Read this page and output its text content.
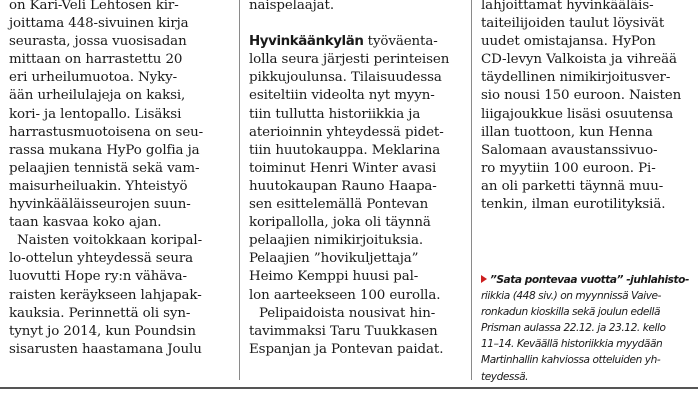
on Kari-Veli Lehtosen kir-
joittama 448-sivuinen kirja
seurasta, jossa vuosisadan
mittaan on harrastettu 20
eri urheilumuotoa. Nyky-
ään urheilulajeja on kaksi,
kori- ja lentopallo. Lisäksi
harrastusmuotoisena on seu-
rassa mukana HyPo golfia ja
pelaajien tennistä sekä vam-
maisurheiluakin. Yhteistyö
hyvinkääläisseurojen suun-
taan kasvaa koko ajan.
Naisten voitokkaan koripal-
lo-ottelun yhteydessä seura
luovutti Hope ry:n vähäva-
raisten keräykseen lahjapak-
kauksia. Perinnettä oli syn-
tynyt jo 2014, kun Poundsin
sisarusten haastamana Joulu
naispelaajat.
Hyvinkäänkylän työväenta-
lolla seura järjesti perinteisen
pikkujoulunsa. Tilaisuudessa
esiteltiin videolta nyt myyn-
tiin tullutta historiikkia ja
aterioinnin yhteydessä pidet-
tiin huutokauppa. Meklarina
toiminut Henri Winter avasi
huutokaupan Rauno Haapa-
sen esittelemällä Pontevan
koripallolla, joka oli täynnä
pelaajien nimikirjoituksia.
Pelaajien ”hovikuljettaja”
Heimo Kemppi huusi pal-
lon aarteekseen 100 eurolla.
Pelipaidoista nousivat hin-
tavimmaksi Taru Tuukkasen
Espanjan ja Pontevan paidat.
lahjoittamat hyvinkääläis-
taiteilijoiden taulut löysivät
uudet omistajansa. HyPon
CD-levyn Valkoista ja vihreää
täydellinen nimikirjoitusver-
sio nousi 150 euroon. Naisten
liigajoukkue lisäsi osuutensa
illan tuottoon, kun Henna
Salomaan avaustanssivuo-
ro myytiin 100 euroon. Pi-
an oli parketti täynnä muu-
tenkin, ilman eurotilityksiä.
”Sata pontevaa vuotta” -juhlahisto-
riikkia (448 siv.) on myynnissä Vaive-
ronkadun kioskilla sekä joulun edellä
Prisman aulassa 22.12. ja 23.12. kello
11–14. Keväällä historiikkia myydään
Martinhallin kahviossa otteluiden yh-
teydessä.
